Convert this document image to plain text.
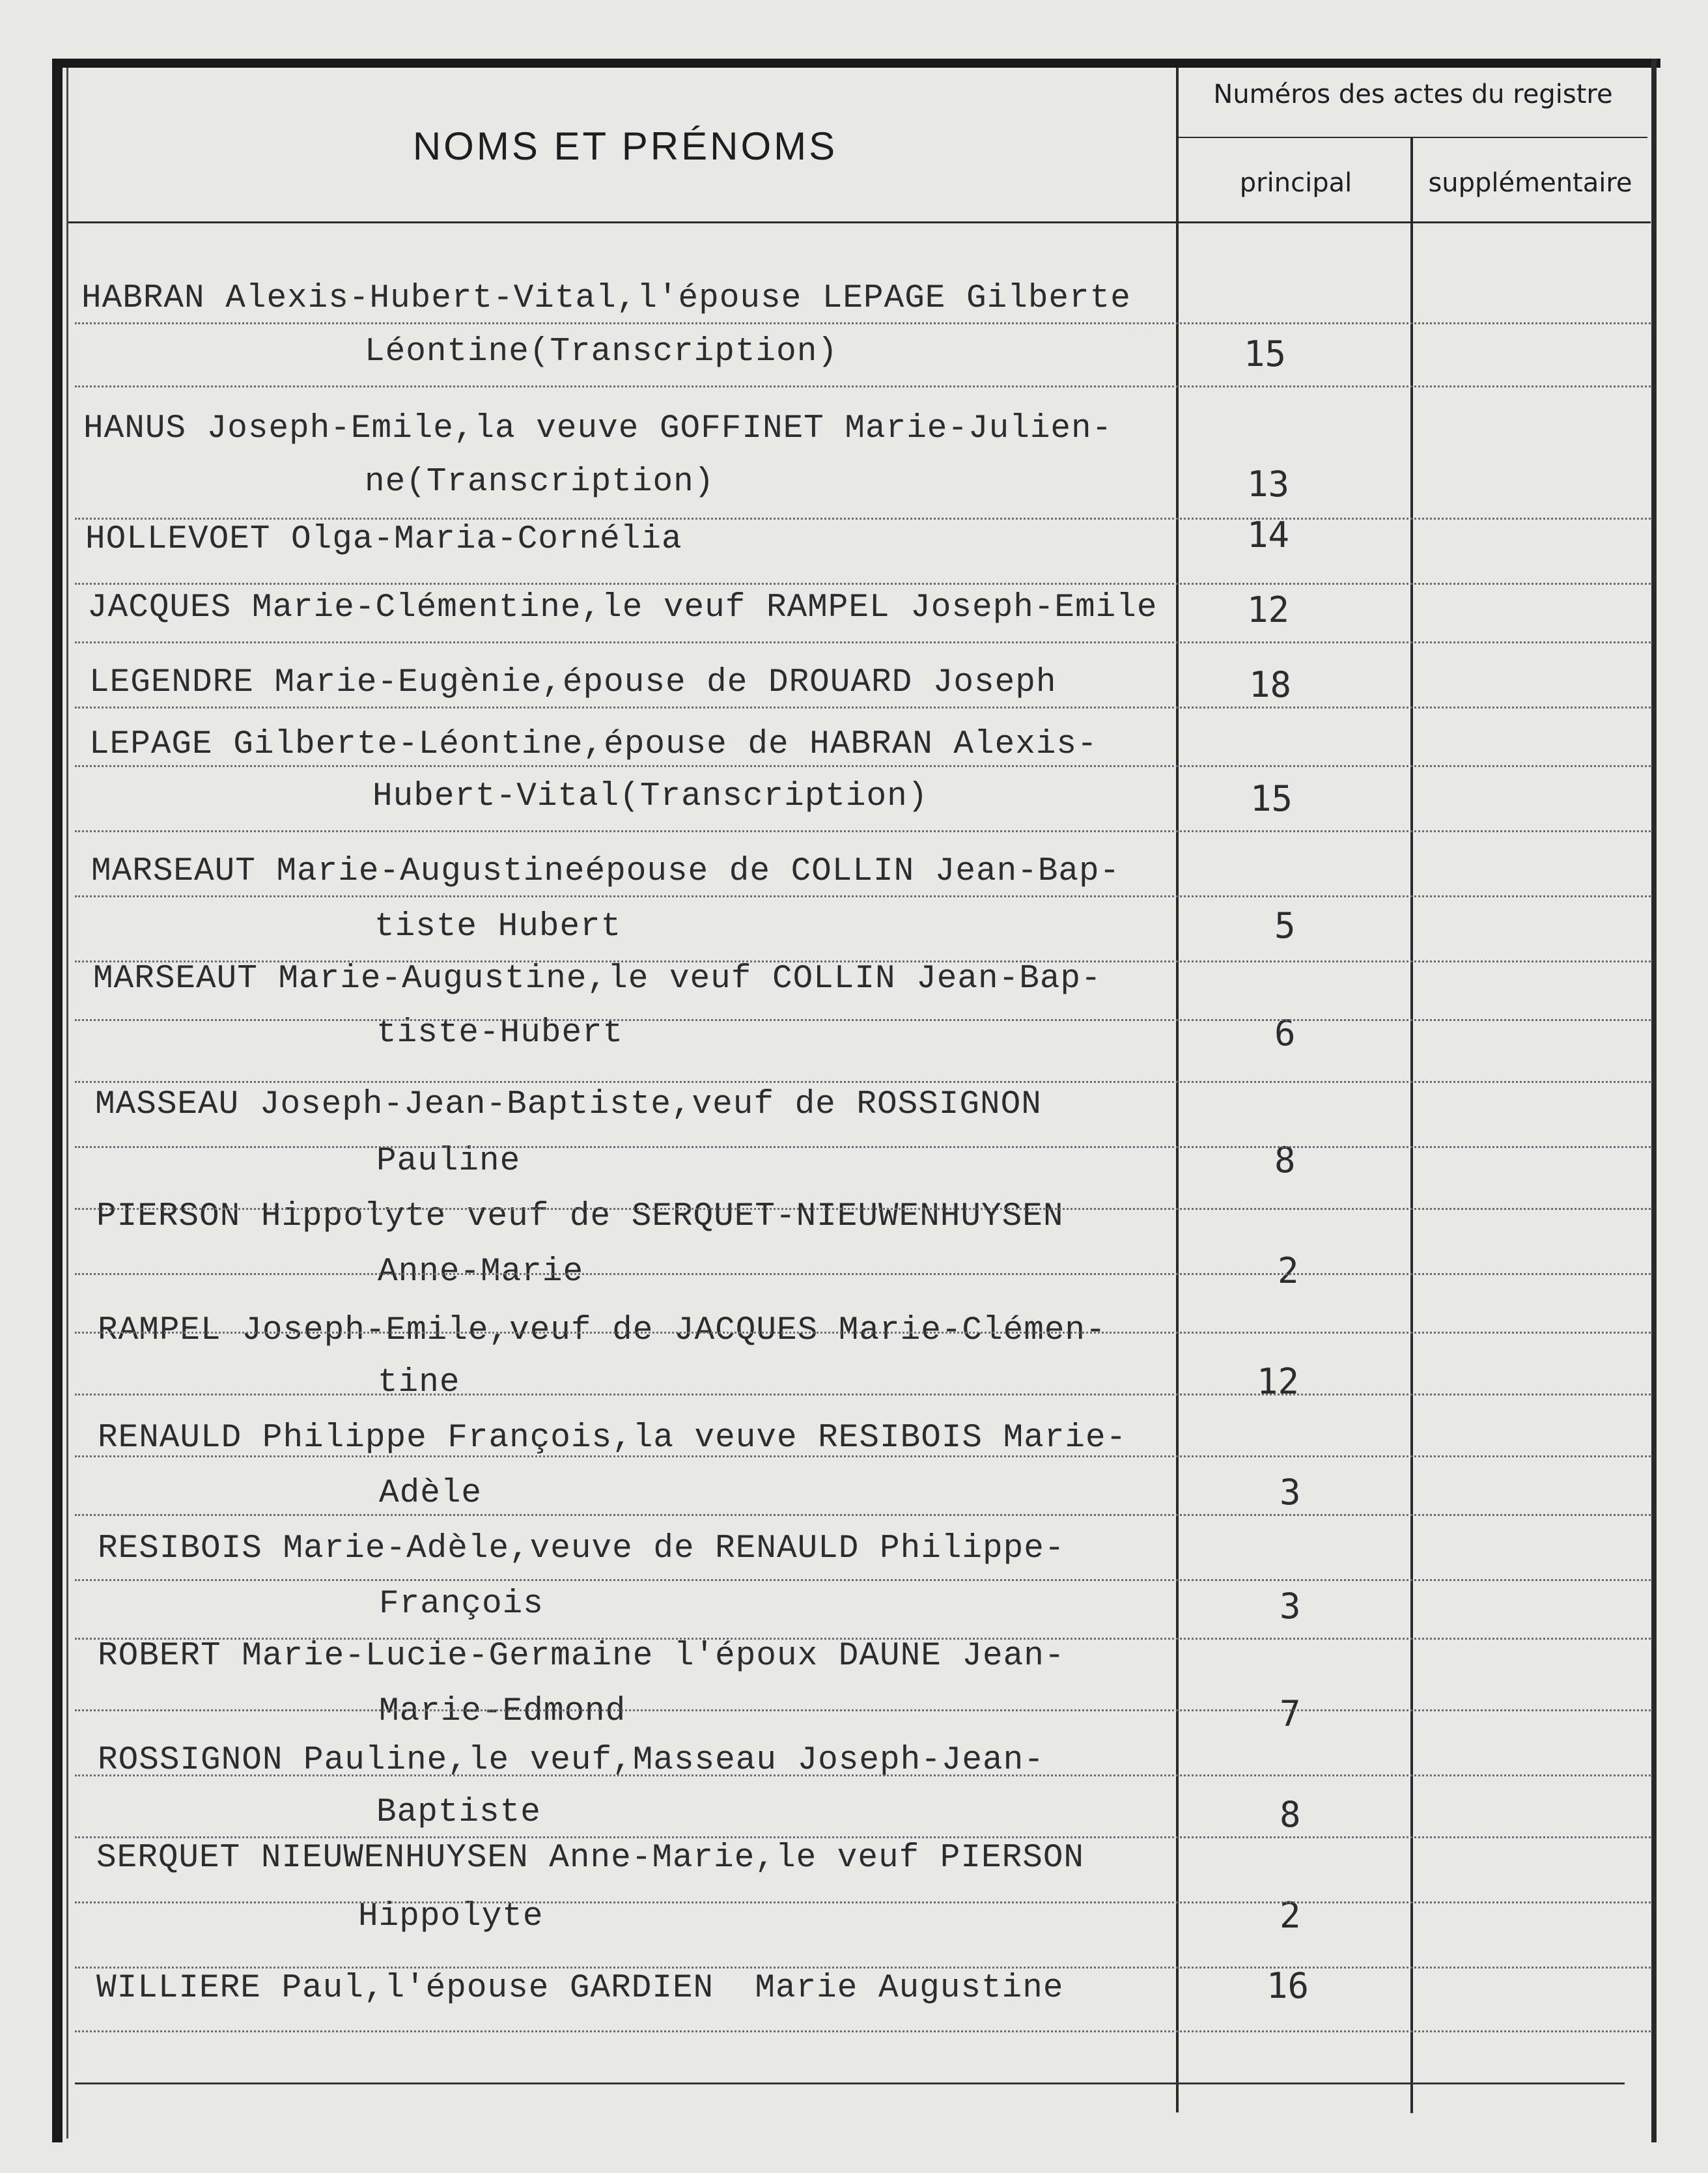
NOMS ET PRÉNOMS
Numéros des actes du registre
principal	supplémentaire
HABRAN Alexis-Hubert-Vital,l'épouse LEPAGE Gilberte
Léontine(Transcription)	15
HANUS Joseph-Emile,la veuve GOFFINET Marie-Julien-
ne(Transcription)	13
HOLLEVOET Olga-Maria-Cornélia	14
JACQUES Marie-Clémentine,le veuf RAMPEL Joseph-Emile	12
LEGENDRE Marie-Eugènie,épouse de DROUARD Joseph	18
LEPAGE Gilberte-Léontine,épouse de HABRAN Alexis-
Hubert-Vital(Transcription)	15
MARSEAUT Marie-Augustineépouse de COLLIN Jean-Bap-
tiste Hubert	5
MARSEAUT Marie-Augustine,le veuf COLLIN Jean-Bap-
tiste-Hubert	6
MASSEAU Joseph-Jean-Baptiste,veuf de ROSSIGNON
Pauline	8
PIERSON Hippolyte veuf de SERQUET-NIEUWENHUYSEN
Anne-Marie	2
RAMPEL Joseph-Emile,veuf de JACQUES Marie-Clémen-
tine	12
RENAULD Philippe François,la veuve RESIBOIS Marie-
Adèle	3
RESIBOIS Marie-Adèle,veuve de RENAULD Philippe-
François	3
ROBERT Marie-Lucie-Germaine l'époux DAUNE Jean-
Marie-Edmond	7
ROSSIGNON Pauline,le veuf,Masseau Joseph-Jean-
Baptiste	8
SERQUET NIEUWENHUYSEN Anne-Marie,le veuf PIERSON
Hippolyte	2
WILLIERE Paul,l'épouse GARDIEN  Marie Augustine	16
